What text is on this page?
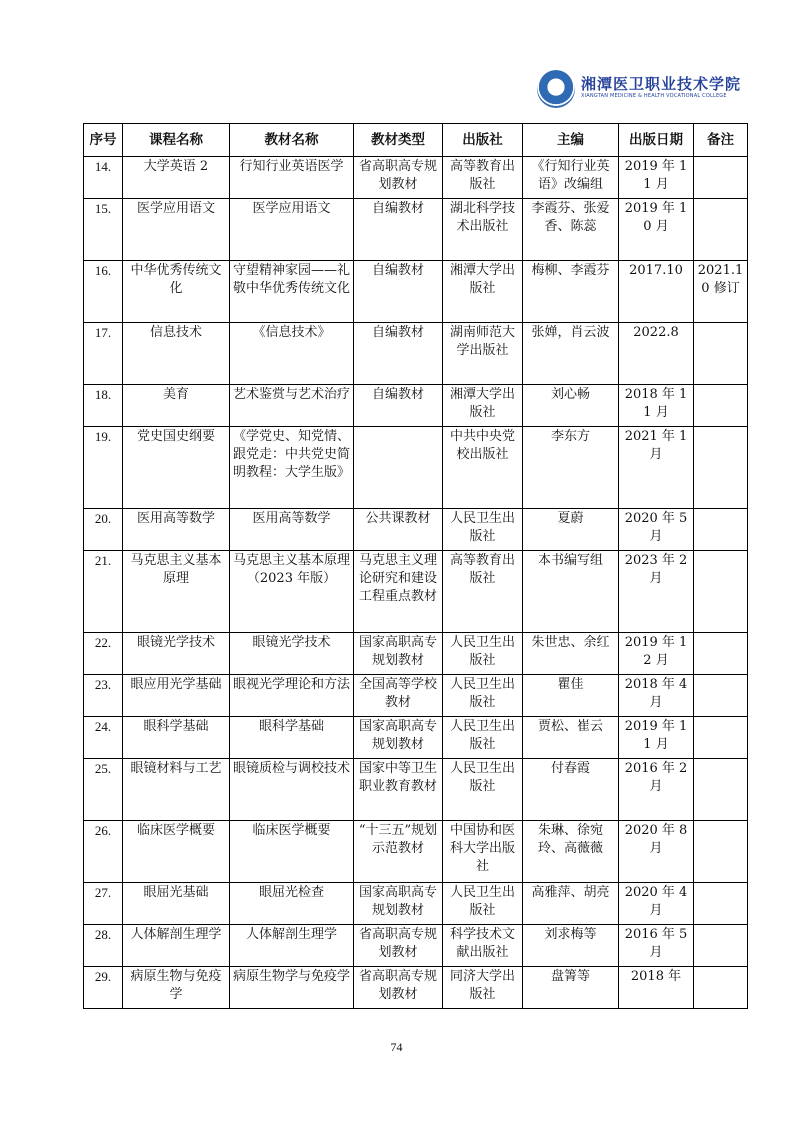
湘潭医卫职业技术学院
XIANGTAN MEDICINE & HEALTH VOCATIONAL COLLEGE
序号	课程名称	教材名称	教材类型	出版社	主编	出版日期	备注
14.	大学英语 2	行知行业英语医学	省高职高专规划教材	高等教育出版社	《行知行业英语》改编组	2019 年 11 月	
15.	医学应用语文	医学应用语文	自编教材	湖北科学技术出版社	李霞芬、张爱香、陈蕊	2019 年 10 月	
16.	中华优秀传统文化	守望精神家园——礼敬中华优秀传统文化	自编教材	湘潭大学出版社	梅柳、李霞芬	2017.10	2021.10 修订
17.	信息技术	《信息技术》	自编教材	湖南师范大学出版社	张婵，肖云波	2022.8	
18.	美育	艺术鉴赏与艺术治疗	自编教材	湘潭大学出版社	刘心畅	2018 年 11 月	
19.	党史国史纲要	《学党史、知党情、跟党走：中共党史简明教程：大学生版》		中共中央党校出版社	李东方	2021 年 1 月	
20.	医用高等数学	医用高等数学	公共课教材	人民卫生出版社	夏蔚	2020 年 5 月	
21.	马克思主义基本原理	马克思主义基本原理（2023 年版）	马克思主义理论研究和建设工程重点教材	高等教育出版社	本书编写组	2023 年 2 月	
22.	眼镜光学技术	眼镜光学技术	国家高职高专规划教材	人民卫生出版社	朱世忠、余红	2019 年 12 月	
23.	眼应用光学基础	眼视光学理论和方法	全国高等学校教材	人民卫生出版社	瞿佳	2018 年 4 月	
24.	眼科学基础	眼科学基础	国家高职高专规划教材	人民卫生出版社	贾松、崔云	2019 年 11 月	
25.	眼镜材料与工艺	眼镜质检与调校技术	国家中等卫生职业教育教材	人民卫生出版社	付春霞	2016 年 2 月	
26.	临床医学概要	临床医学概要	“十三五”规划示范教材	中国协和医科大学出版社	朱琳、徐宛玲、高薇薇	2020 年 8 月	
27.	眼屈光基础	眼屈光检查	国家高职高专规划教材	人民卫生出版社	高雅萍、胡亮	2020 年 4 月	
28.	人体解剖生理学	人体解剖生理学	省高职高专规划教材	科学技术文献出版社	刘求梅等	2016 年 5 月	
29.	病原生物与免疫学	病原生物学与免疫学	省高职高专规划教材	同济大学出版社	盘箐等	2018 年	
74
